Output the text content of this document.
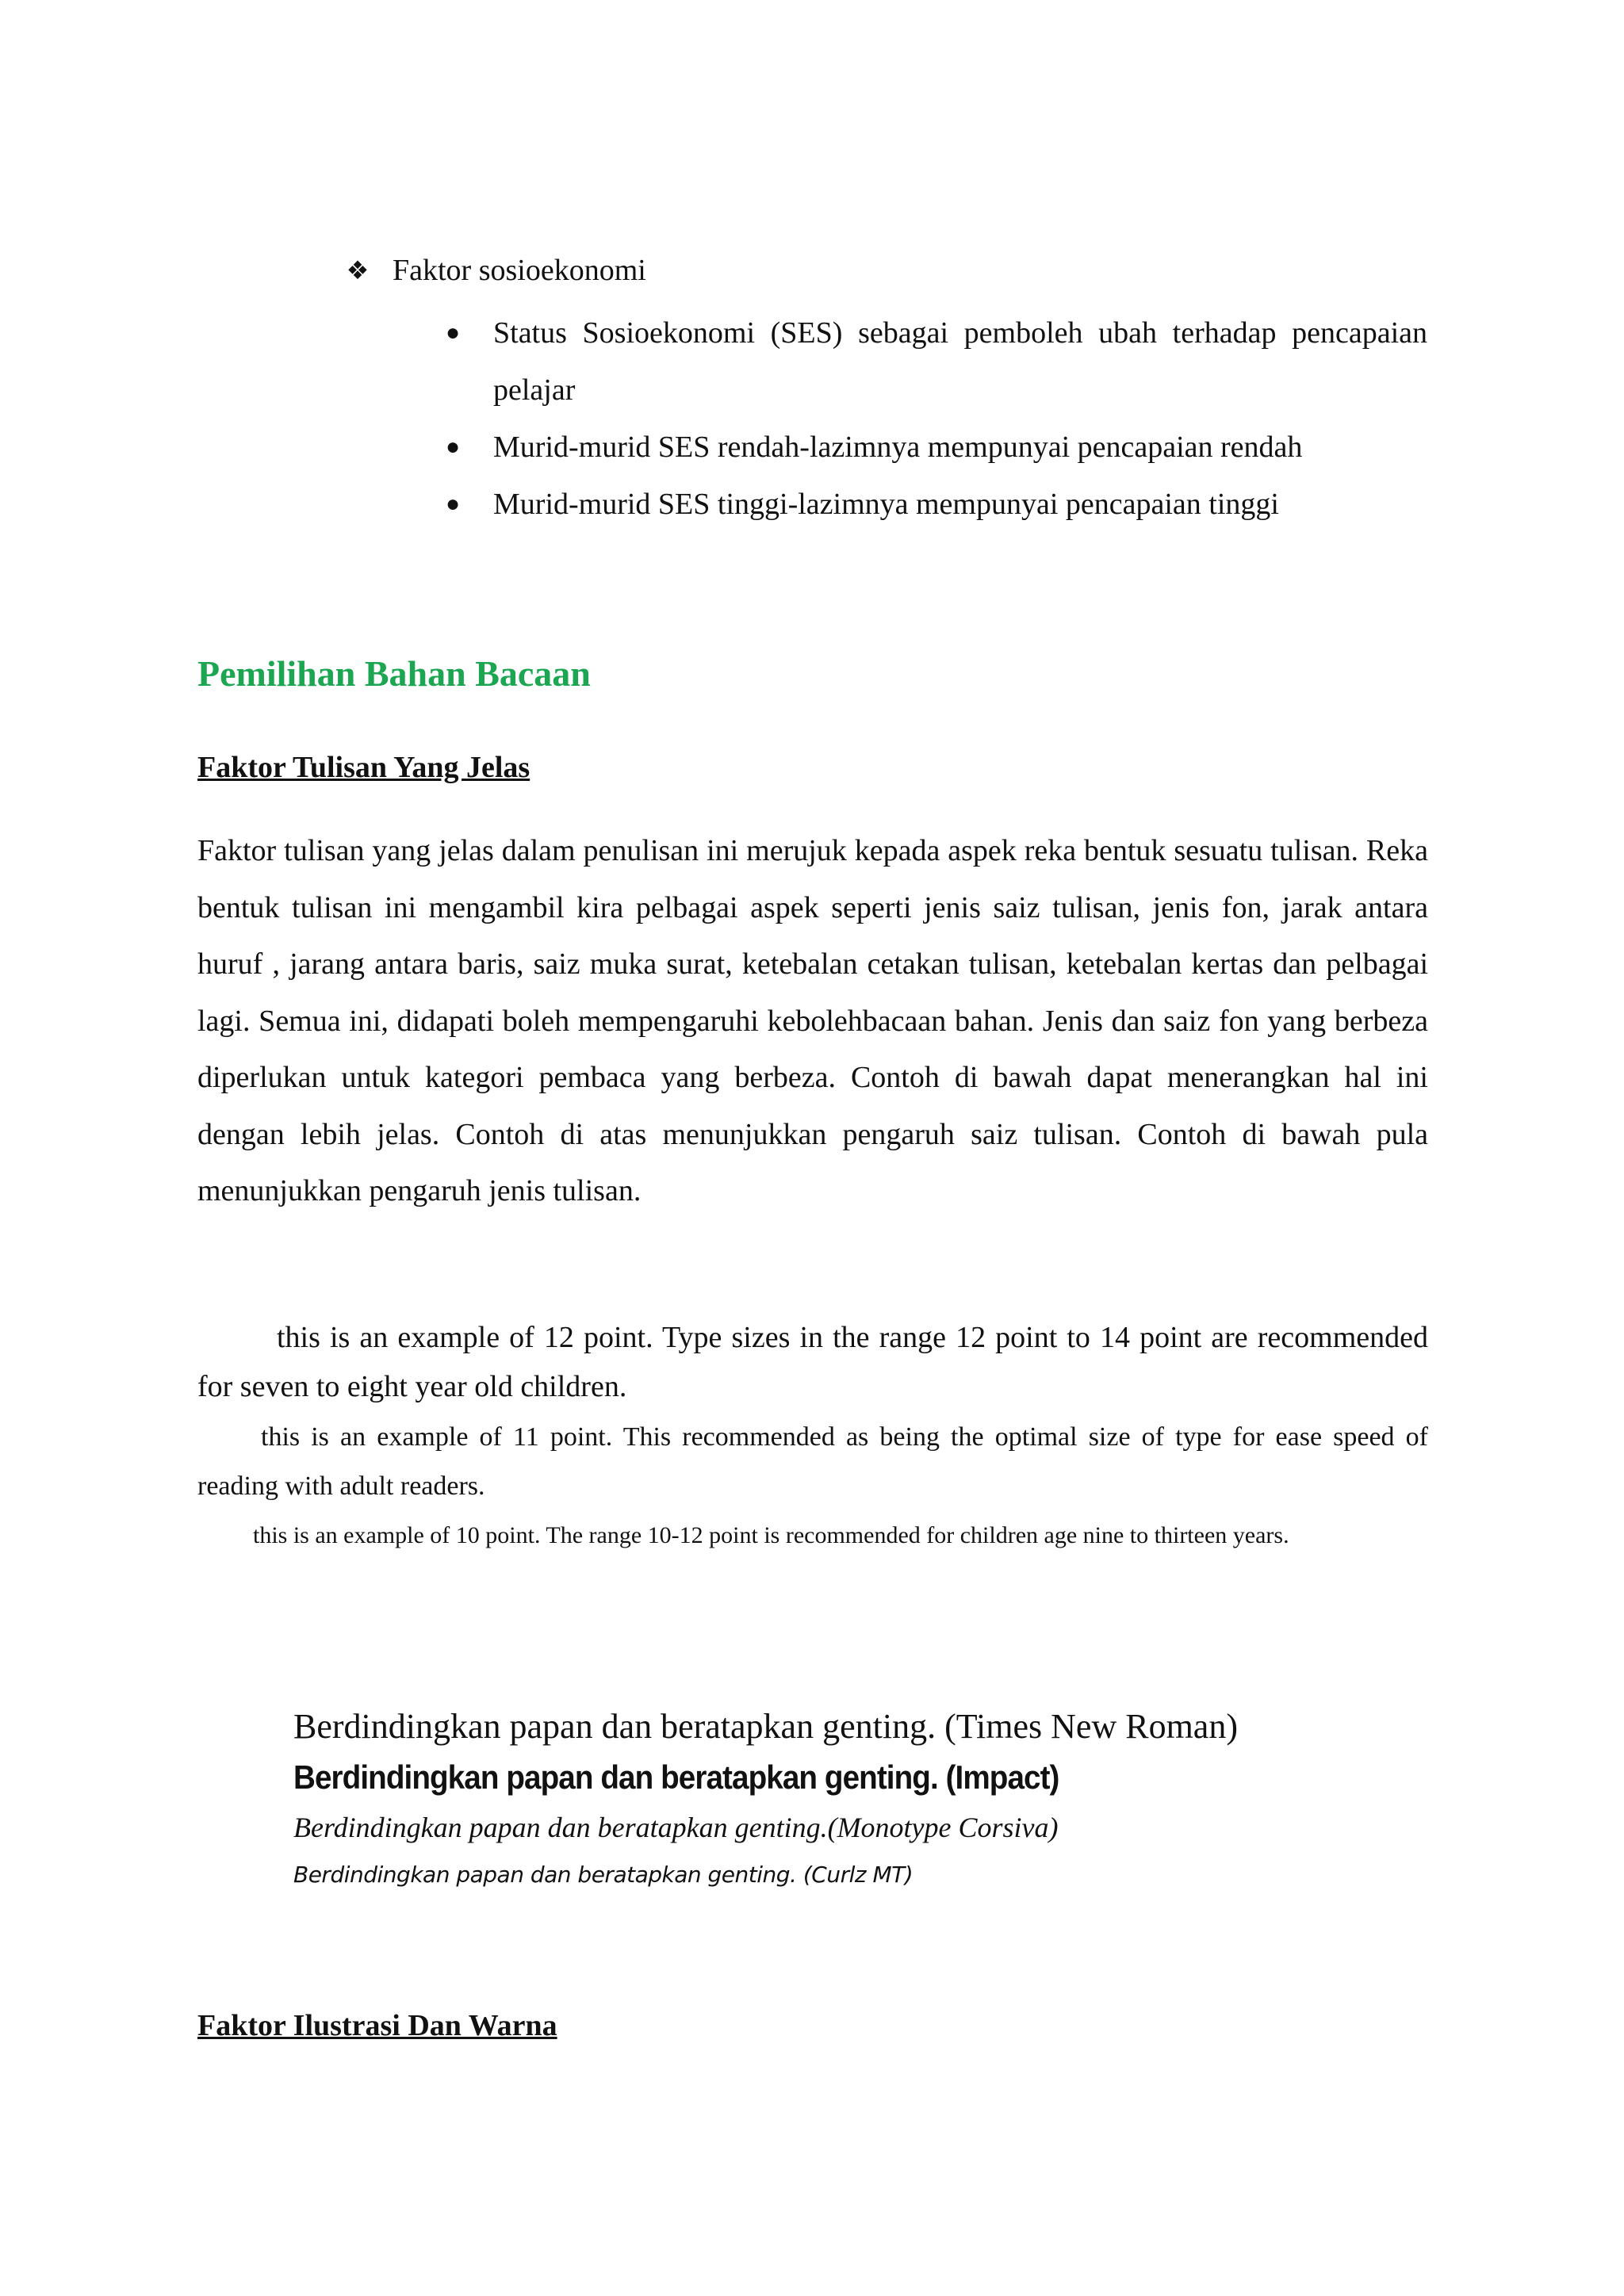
❖ Faktor sosioekonomi
●	Status Sosioekonomi (SES) sebagai pemboleh ubah terhadap pencapaian pelajar
●	Murid-murid SES rendah-lazimnya mempunyai pencapaian rendah
●	Murid-murid SES tinggi-lazimnya mempunyai pencapaian tinggi
Pemilihan Bahan Bacaan
Faktor Tulisan Yang Jelas
Faktor tulisan yang jelas dalam penulisan ini merujuk kepada aspek reka bentuk sesuatu tulisan. Reka bentuk tulisan ini mengambil kira pelbagai aspek seperti jenis saiz tulisan, jenis fon, jarak antara huruf , jarang antara baris, saiz muka surat, ketebalan cetakan tulisan, ketebalan kertas dan pelbagai lagi. Semua ini, didapati boleh mempengaruhi kebolehbacaan bahan. Jenis dan saiz fon yang berbeza diperlukan untuk kategori pembaca yang berbeza. Contoh di bawah dapat menerangkan hal ini dengan lebih jelas. Contoh di atas menunjukkan pengaruh saiz tulisan. Contoh di bawah pula menunjukkan pengaruh jenis tulisan.
this is an example of 12 point. Type sizes in the range 12 point to 14 point are recommended for seven to eight year old children.
this is an example of 11 point. This recommended as being the optimal size of type for ease speed of reading with adult readers.
this is an example of 10 point. The range 10-12 point is recommended for children age nine to thirteen years.
Berdindingkan papan dan beratapkan genting. (Times New Roman)
Berdindingkan papan dan beratapkan genting. (Impact)
Berdindingkan papan dan beratapkan genting.(Monotype Corsiva)
Berdindingkan papan dan beratapkan genting. (Curlz MT)
Faktor Ilustrasi Dan Warna
